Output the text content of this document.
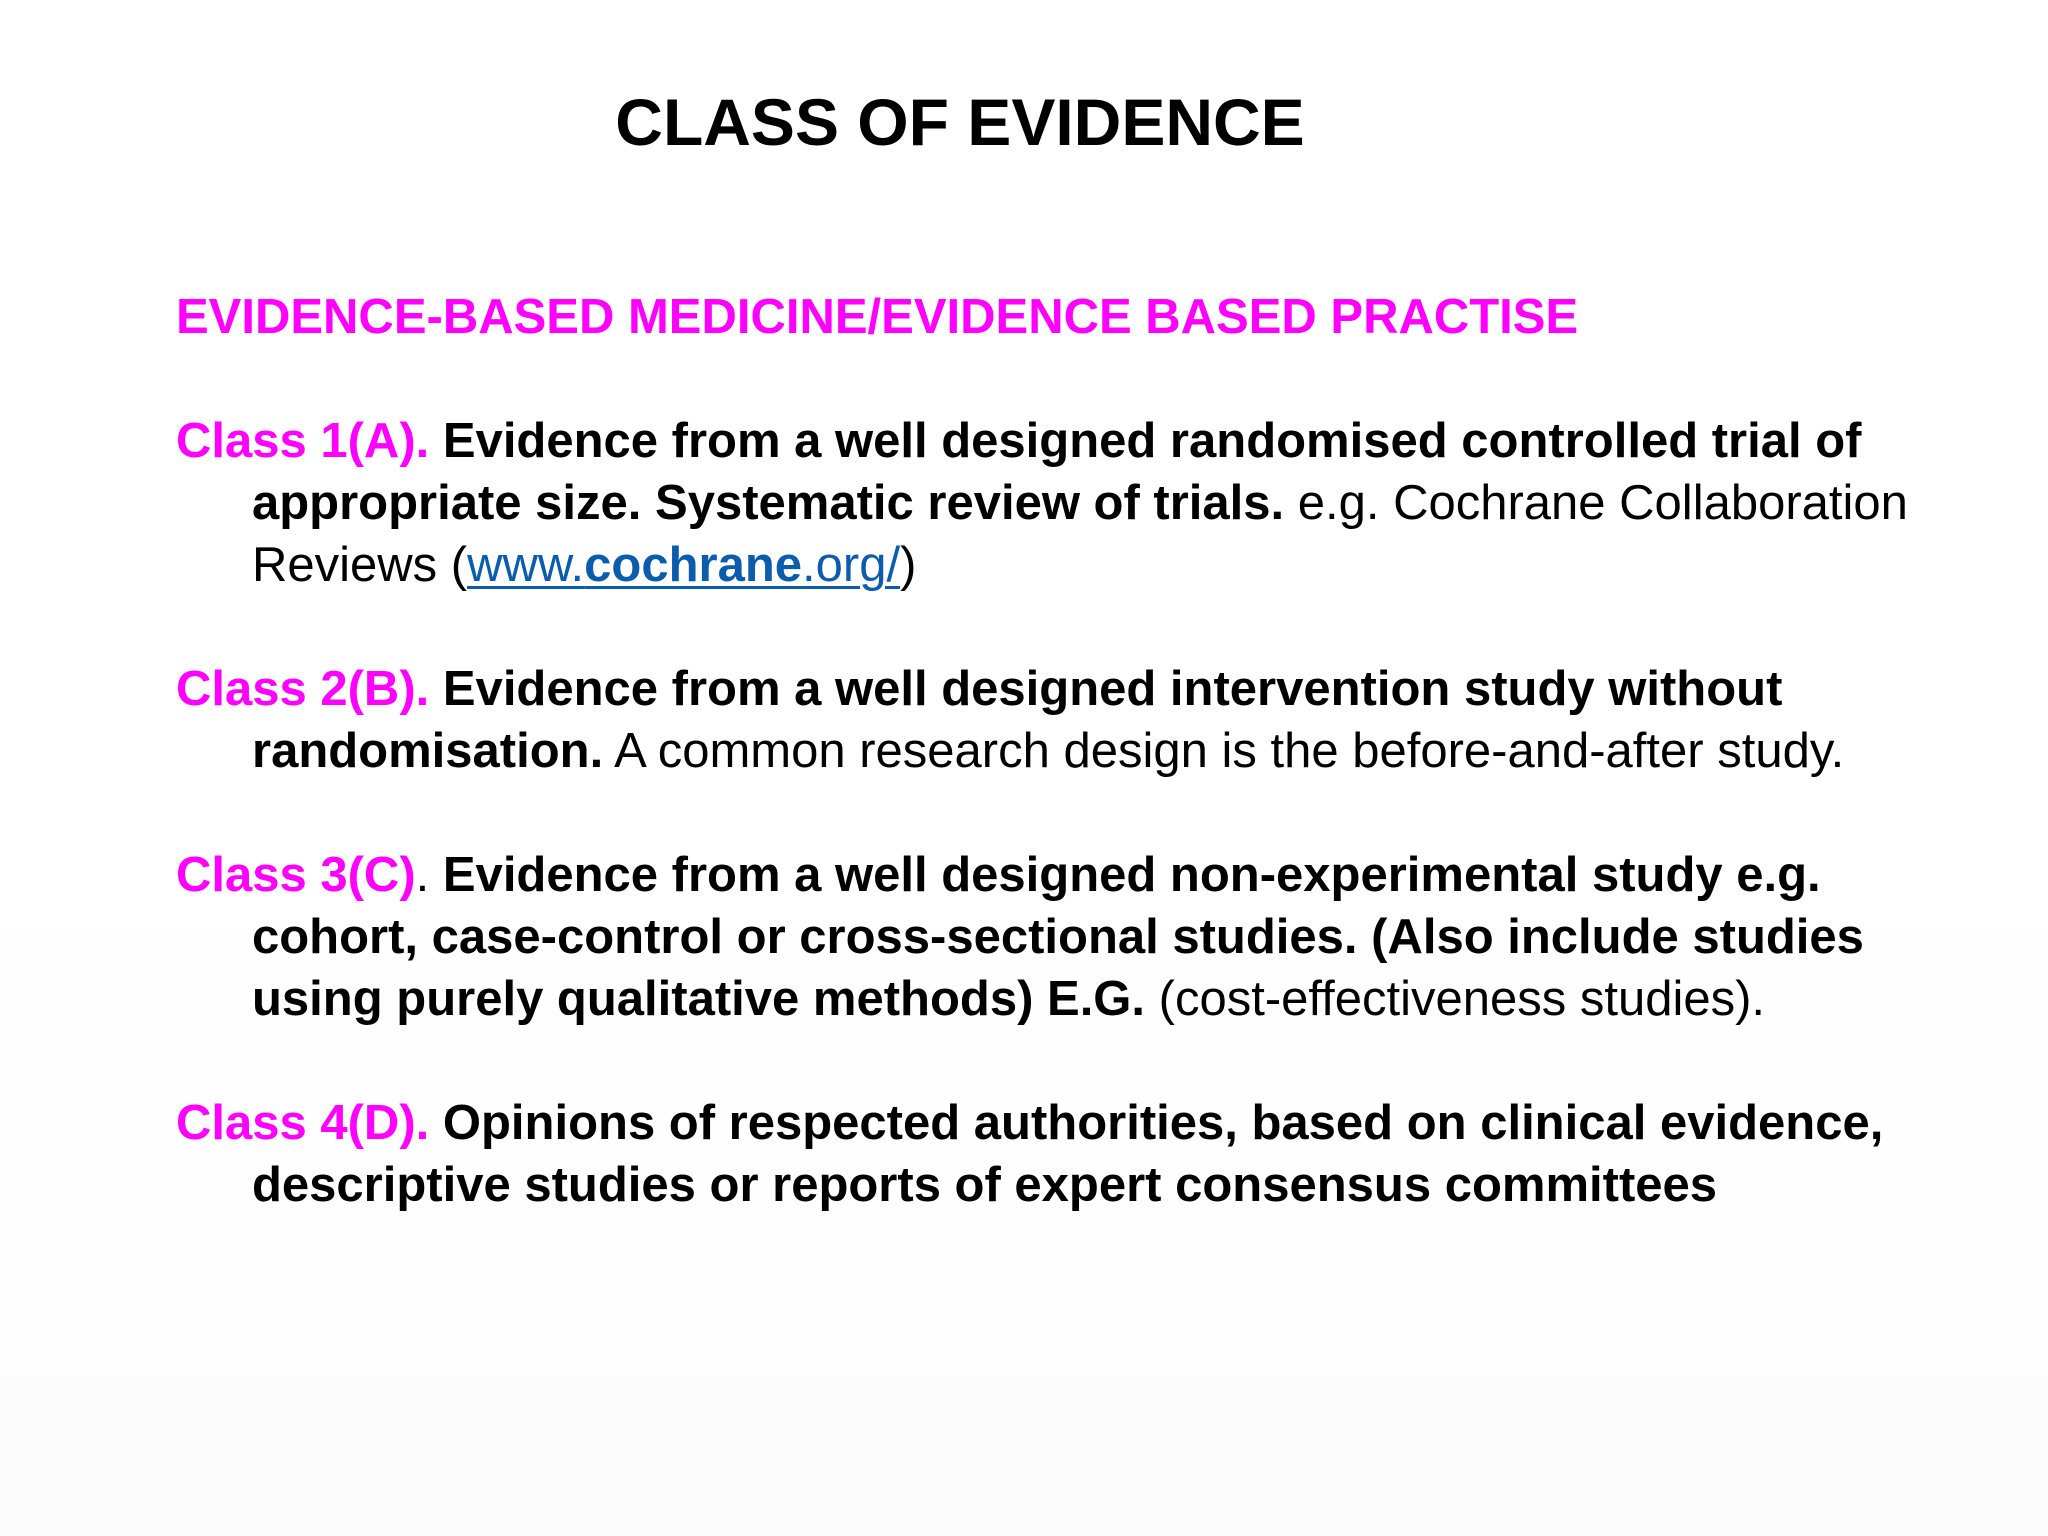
CLASS OF EVIDENCE
EVIDENCE-BASED MEDICINE/EVIDENCE BASED PRACTISE
Class 1(A). Evidence from a well designed randomised controlled trial of appropriate size. Systematic review of trials. e.g. Cochrane Collaboration Reviews (www.cochrane.org/)
Class 2(B). Evidence from a well designed intervention study without randomisation. A common research design is the before-and-after study.
Class 3(C). Evidence from a well designed non-experimental study e.g. cohort, case-control or cross-sectional studies. (Also include studies using purely qualitative methods) E.G. (cost-effectiveness studies).
Class 4(D). Opinions of respected authorities, based on clinical evidence, descriptive studies or reports of expert consensus committees
